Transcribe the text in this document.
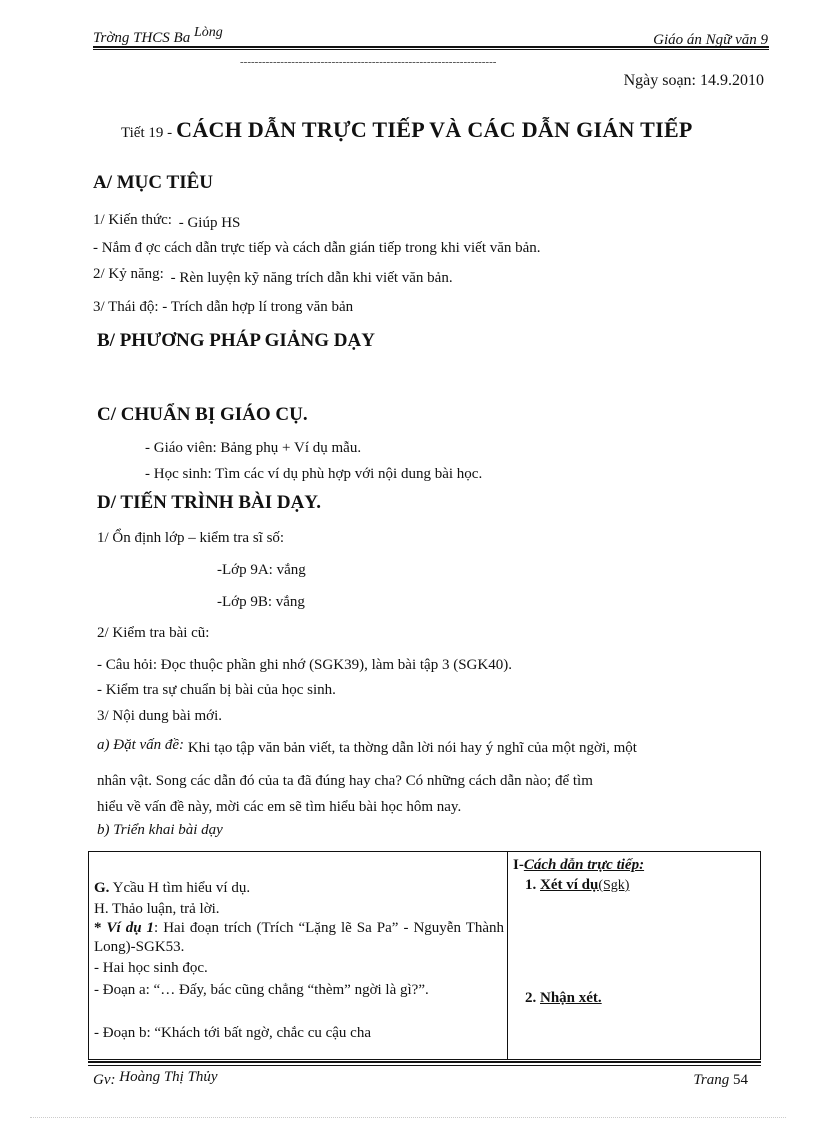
Trờng THCS Ba Lòng	Giáo án Ngữ văn 9
----------------------------------------------------------------------
Ngày soạn: 14.9.2010
Tiết 19 - CÁCH DẪN TRỰC TIẾP VÀ CÁC DẪN GIÁN TIẾP
A/ MỤC TIÊU
1/ Kiến thức: - Giúp HS
- Nắm đ ợc cách dẫn trực tiếp và cách dẫn gián tiếp trong khi viết văn bản.
2/ Kỷ năng: - Rèn luyện kỹ năng trích dẫn khi viết văn bản.
3/ Thái độ: - Trích dẫn hợp lí trong văn bản
B/ PHƯƠNG PHÁP GIẢNG DẠY
C/ CHUẨN BỊ GIÁO CỤ.
- Giáo viên: Bảng phụ + Ví dụ mẫu.
- Học sinh: Tìm các ví dụ phù hợp với nội dung bài học.
D/ TIẾN TRÌNH BÀI DẠY.
1/ Ổn định lớp – kiểm tra sĩ số:
-Lớp 9A: vắng
-Lớp 9B: vắng
2/ Kiểm tra bài cũ:
- Câu hỏi: Đọc thuộc phần ghi nhớ (SGK39), làm bài tập 3 (SGK40).
- Kiểm tra sự chuẩn bị bài của học sinh.
3/ Nội dung bài mới.
a) Đặt vấn đề: Khi tạo tập văn bản viết, ta thờng dẫn lời nói hay ý nghĩ của một ngời, một
nhân vật. Song các dẫn đó của ta đã đúng hay cha? Có những cách dẫn nào; để tìm
hiểu về vấn đề này, mời các em sẽ tìm hiểu bài học hôm nay.
b) Triển khai bài dạy
G. Ycầu H tìm hiểu ví dụ.
H. Thảo luận, trả lời.
* Ví dụ 1: Hai đoạn trích (Trích “Lặng lẽ Sa Pa” - Nguyễn Thành Long)-SGK53.
- Hai học sinh đọc.
- Đoạn a: “… Đấy, bác cũng chẳng “thèm” ngời là gì?”.
- Đoạn b: “Khách tới bất ngờ, chắc cu cậu cha
I-Cách dẫn trực tiếp:
1. Xét ví dụ(Sgk)
2. Nhận xét.
Gv: Hoàng Thị Thủy	Trang 54
